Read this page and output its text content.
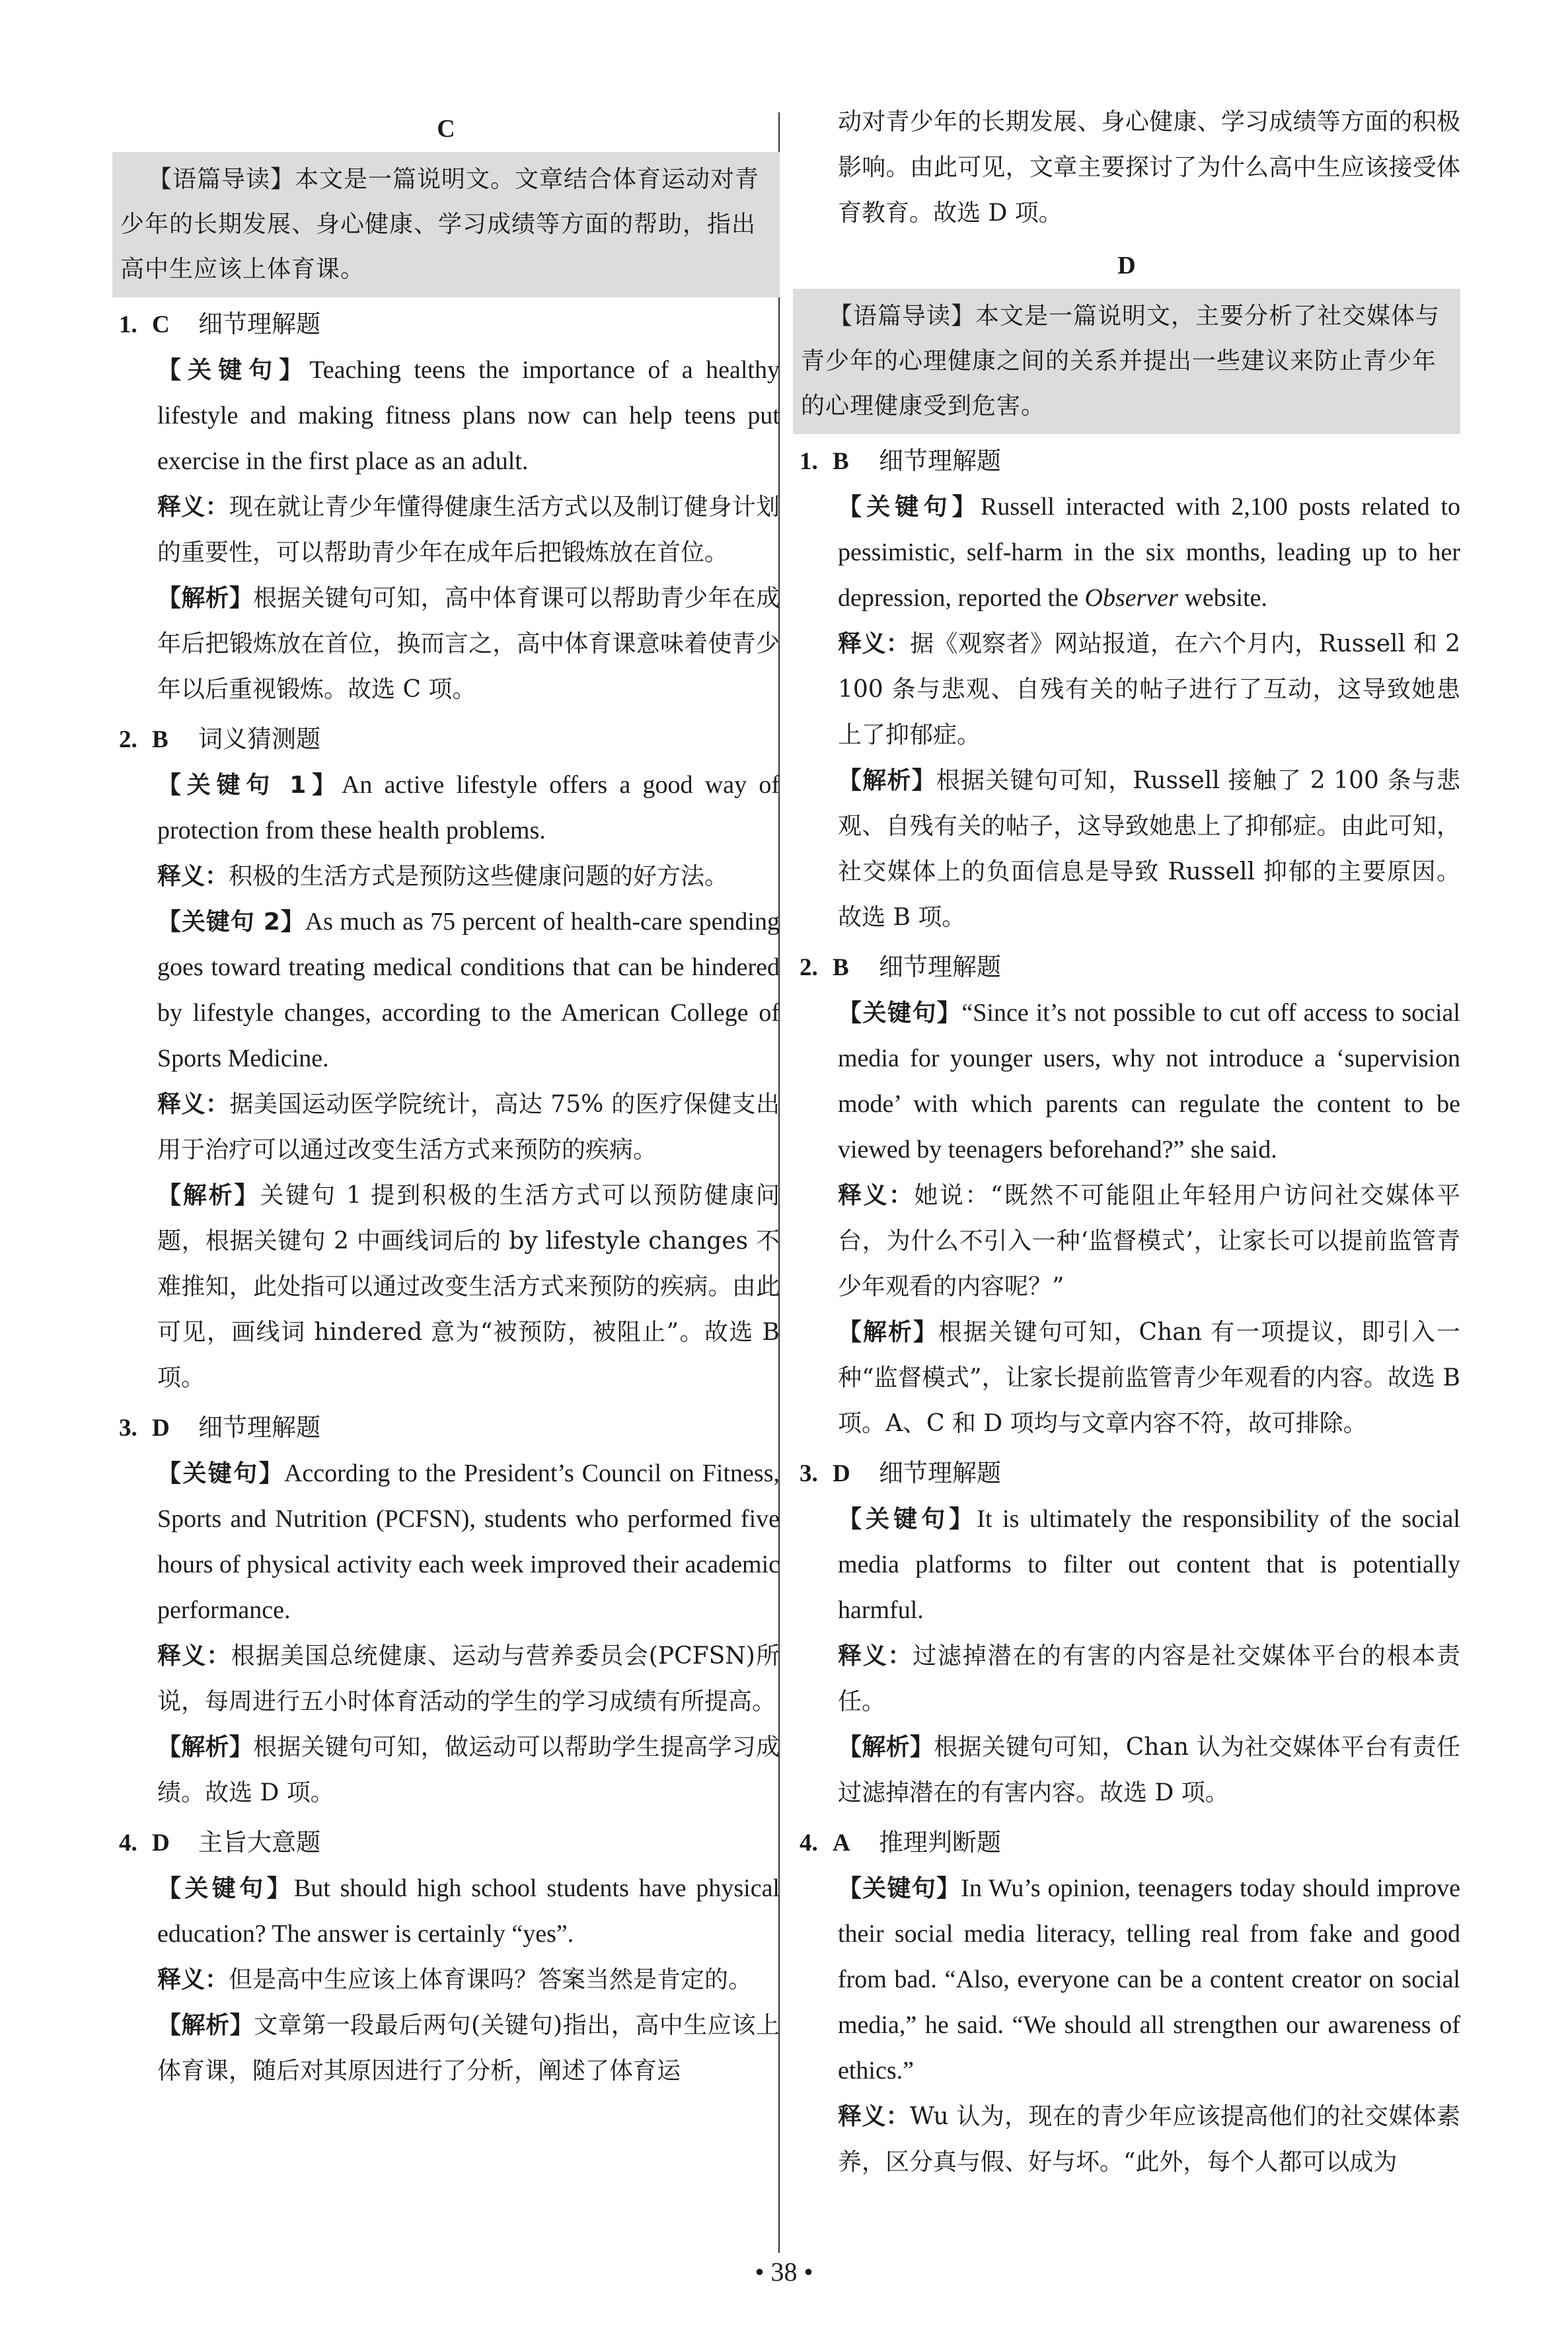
C
【语篇导读】本文是一篇说明文。文章结合体育运动对青少年的长期发展、身心健康、学习成绩等方面的帮助，指出高中生应该上体育课。
1. C 细节理解题
【关键句】Teaching teens the importance of a healthy lifestyle and making fitness plans now can help teens put exercise in the first place as an adult.
释义：现在就让青少年懂得健康生活方式以及制订健身计划的重要性，可以帮助青少年在成年后把锻炼放在首位。
【解析】根据关键句可知，高中体育课可以帮助青少年在成年后把锻炼放在首位，换而言之，高中体育课意味着使青少年以后重视锻炼。故选 C 项。
2. B 词义猜测题
【关键句 1】An active lifestyle offers a good way of protection from these health problems.
释义：积极的生活方式是预防这些健康问题的好方法。
【关键句 2】As much as 75 percent of health-care spending goes toward treating medical conditions that can be hindered by lifestyle changes, according to the American College of Sports Medicine.
释义：据美国运动医学院统计，高达 75% 的医疗保健支出用于治疗可以通过改变生活方式来预防的疾病。
【解析】关键句 1 提到积极的生活方式可以预防健康问题，根据关键句 2 中画线词后的 by lifestyle changes 不难推知，此处指可以通过改变生活方式来预防的疾病。由此可见，画线词 hindered 意为“被预防，被阻止”。故选 B 项。
3. D 细节理解题
【关键句】According to the President’s Council on Fitness, Sports and Nutrition (PCFSN), students who performed five hours of physical activity each week improved their academic performance.
释义：根据美国总统健康、运动与营养委员会(PCFSN)所说，每周进行五小时体育活动的学生的学习成绩有所提高。
【解析】根据关键句可知，做运动可以帮助学生提高学习成绩。故选 D 项。
4. D 主旨大意题
【关键句】But should high school students have physical education? The answer is certainly “yes”.
释义：但是高中生应该上体育课吗？答案当然是肯定的。
【解析】文章第一段最后两句(关键句)指出，高中生应该上体育课，随后对其原因进行了分析，阐述了体育运
动对青少年的长期发展、身心健康、学习成绩等方面的积极影响。由此可见，文章主要探讨了为什么高中生应该接受体育教育。故选 D 项。
D
【语篇导读】本文是一篇说明文，主要分析了社交媒体与青少年的心理健康之间的关系并提出一些建议来防止青少年的心理健康受到危害。
1. B 细节理解题
【关键句】Russell interacted with 2,100 posts related to pessimistic, self-harm in the six months, leading up to her depression, reported the Observer website.
释义：据《观察者》网站报道，在六个月内，Russell 和 2 100 条与悲观、自残有关的帖子进行了互动，这导致她患上了抑郁症。
【解析】根据关键句可知，Russell 接触了 2 100 条与悲观、自残有关的帖子，这导致她患上了抑郁症。由此可知，社交媒体上的负面信息是导致 Russell 抑郁的主要原因。故选 B 项。
2. B 细节理解题
【关键句】“Since it’s not possible to cut off access to social media for younger users, why not introduce a ‘supervision mode’ with which parents can regulate the content to be viewed by teenagers beforehand?” she said.
释义：她说：“既然不可能阻止年轻用户访问社交媒体平台，为什么不引入一种‘监督模式’，让家长可以提前监管青少年观看的内容呢？”
【解析】根据关键句可知，Chan 有一项提议，即引入一种“监督模式”，让家长提前监管青少年观看的内容。故选 B 项。A、C 和 D 项均与文章内容不符，故可排除。
3. D 细节理解题
【关键句】It is ultimately the responsibility of the social media platforms to filter out content that is potentially harmful.
释义：过滤掉潜在的有害的内容是社交媒体平台的根本责任。
【解析】根据关键句可知，Chan 认为社交媒体平台有责任过滤掉潜在的有害内容。故选 D 项。
4. A 推理判断题
【关键句】In Wu’s opinion, teenagers today should improve their social media literacy, telling real from fake and good from bad. “Also, everyone can be a content creator on social media,” he said. “We should all strengthen our awareness of ethics.”
释义：Wu 认为，现在的青少年应该提高他们的社交媒体素养，区分真与假、好与坏。“此外，每个人都可以成为
• 38 •
